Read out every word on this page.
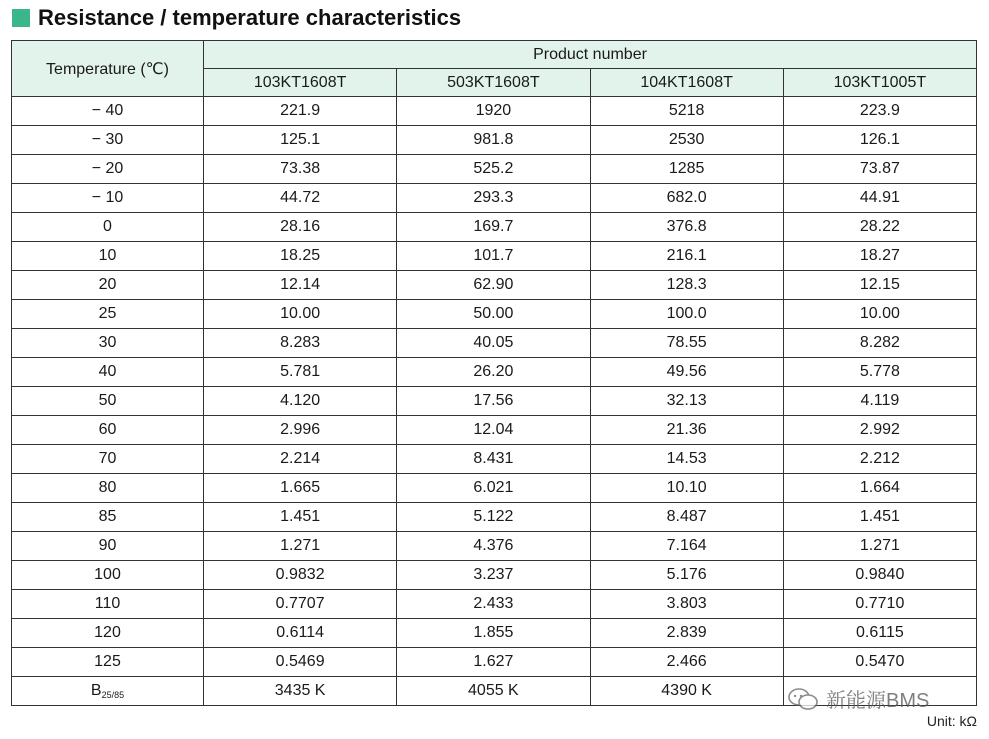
Resistance / temperature characteristics
Temperature (℃)	Product number			
	103KT1608T	503KT1608T	104KT1608T	103KT1005T
− 40	221.9	1920	5218	223.9
− 30	125.1	981.8	2530	126.1
− 20	73.38	525.2	1285	73.87
− 10	44.72	293.3	682.0	44.91
0	28.16	169.7	376.8	28.22
10	18.25	101.7	216.1	18.27
20	12.14	62.90	128.3	12.15
25	10.00	50.00	100.0	10.00
30	8.283	40.05	78.55	8.282
40	5.781	26.20	49.56	5.778
50	4.120	17.56	32.13	4.119
60	2.996	12.04	21.36	2.992
70	2.214	8.431	14.53	2.212
80	1.665	6.021	10.10	1.664
85	1.451	5.122	8.487	1.451
90	1.271	4.376	7.164	1.271
100	0.9832	3.237	5.176	0.9840
110	0.7707	2.433	3.803	0.7710
120	0.6114	1.855	2.839	0.6115
125	0.5469	1.627	2.466	0.5470
$B_{25/85}$	3435 K	4055 K	4390 K	
Unit: kΩ
新能源BMS
